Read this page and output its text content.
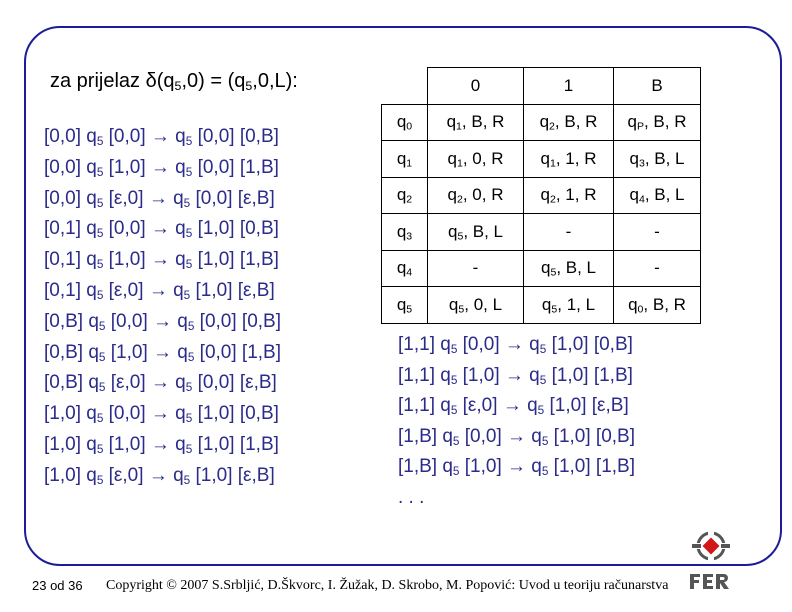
za prijelaz $\delta(q_5,0) = (q_5,0,L)$:
[0,0] $q_5$ $[0,0] \to q_5$ [0,0] [0,B]
[0,0] $q_5$ $[1,0] \to q_5$ [0,0] [1,B]
[0,0] $q_5$ $[\varepsilon,0] \to q_5$ [0,0] [ε,B]
[0,1] $q_5$ $[0,0] \to q_5$ [1,0] [0,B]
[0,1] $q_5$ $[1,0] \to q_5$ [1,0] [1,B]
[0,1] $q_5$ $[\varepsilon,0] \to q_5$ [1,0] [ε,B]
[0,B] $q_5$ $[0,0] \to q_5$ [0,0] [0,B]
[0,B] $q_5$ $[1,0] \to q_5$ [0,0] [1,B]
[0,B] $q_5$ $[\varepsilon,0] \to q_5$ [0,0] [ε,B]
[1,0] $q_5$ $[0,0] \to q_5$ [1,0] [0,B]
[1,0] $q_5$ $[1,0] \to q_5$ [1,0] [1,B]
[1,0] $q_5$ $[\varepsilon,0] \to q_5$ [1,0] [ε,B]
[1,1] $q_5$ $[0,0] \to q_5$ [1,0] [0,B]
[1,1] $q_5$ $[1,0] \to q_5$ [1,0] [1,B]
[1,1] $q_5$ $[\varepsilon,0] \to q_5$ [1,0] [ε,B]
[1,B] $q_5$ $[0,0] \to q_5$ [1,0] [0,B]
[1,B] $q_5$ $[1,0] \to q_5$ [1,0] [1,B]
. . .
	0	1	B
$q_0$	$q_1$, B, R	$q_2$, B, R	$q_P$, B, R
$q_1$	$q_1$, 0, R	$q_1$, 1, R	$q_3$, B, L
$q_2$	$q_2$, 0, R	$q_2$, 1, R	$q_4$, B, L
$q_3$	$q_5$, B, L	-	-
$q_4$	-	$q_5$, B, L	-
$q_5$	$q_5$, 0, L	$q_5$, 1, L	$q_0$, B, R
23 od 36 Copyright © 2007 S.Srbljić, D.Škvorc, I. Žužak, D. Skrobo, M. Popović: Uvod u teoriju računarstva
